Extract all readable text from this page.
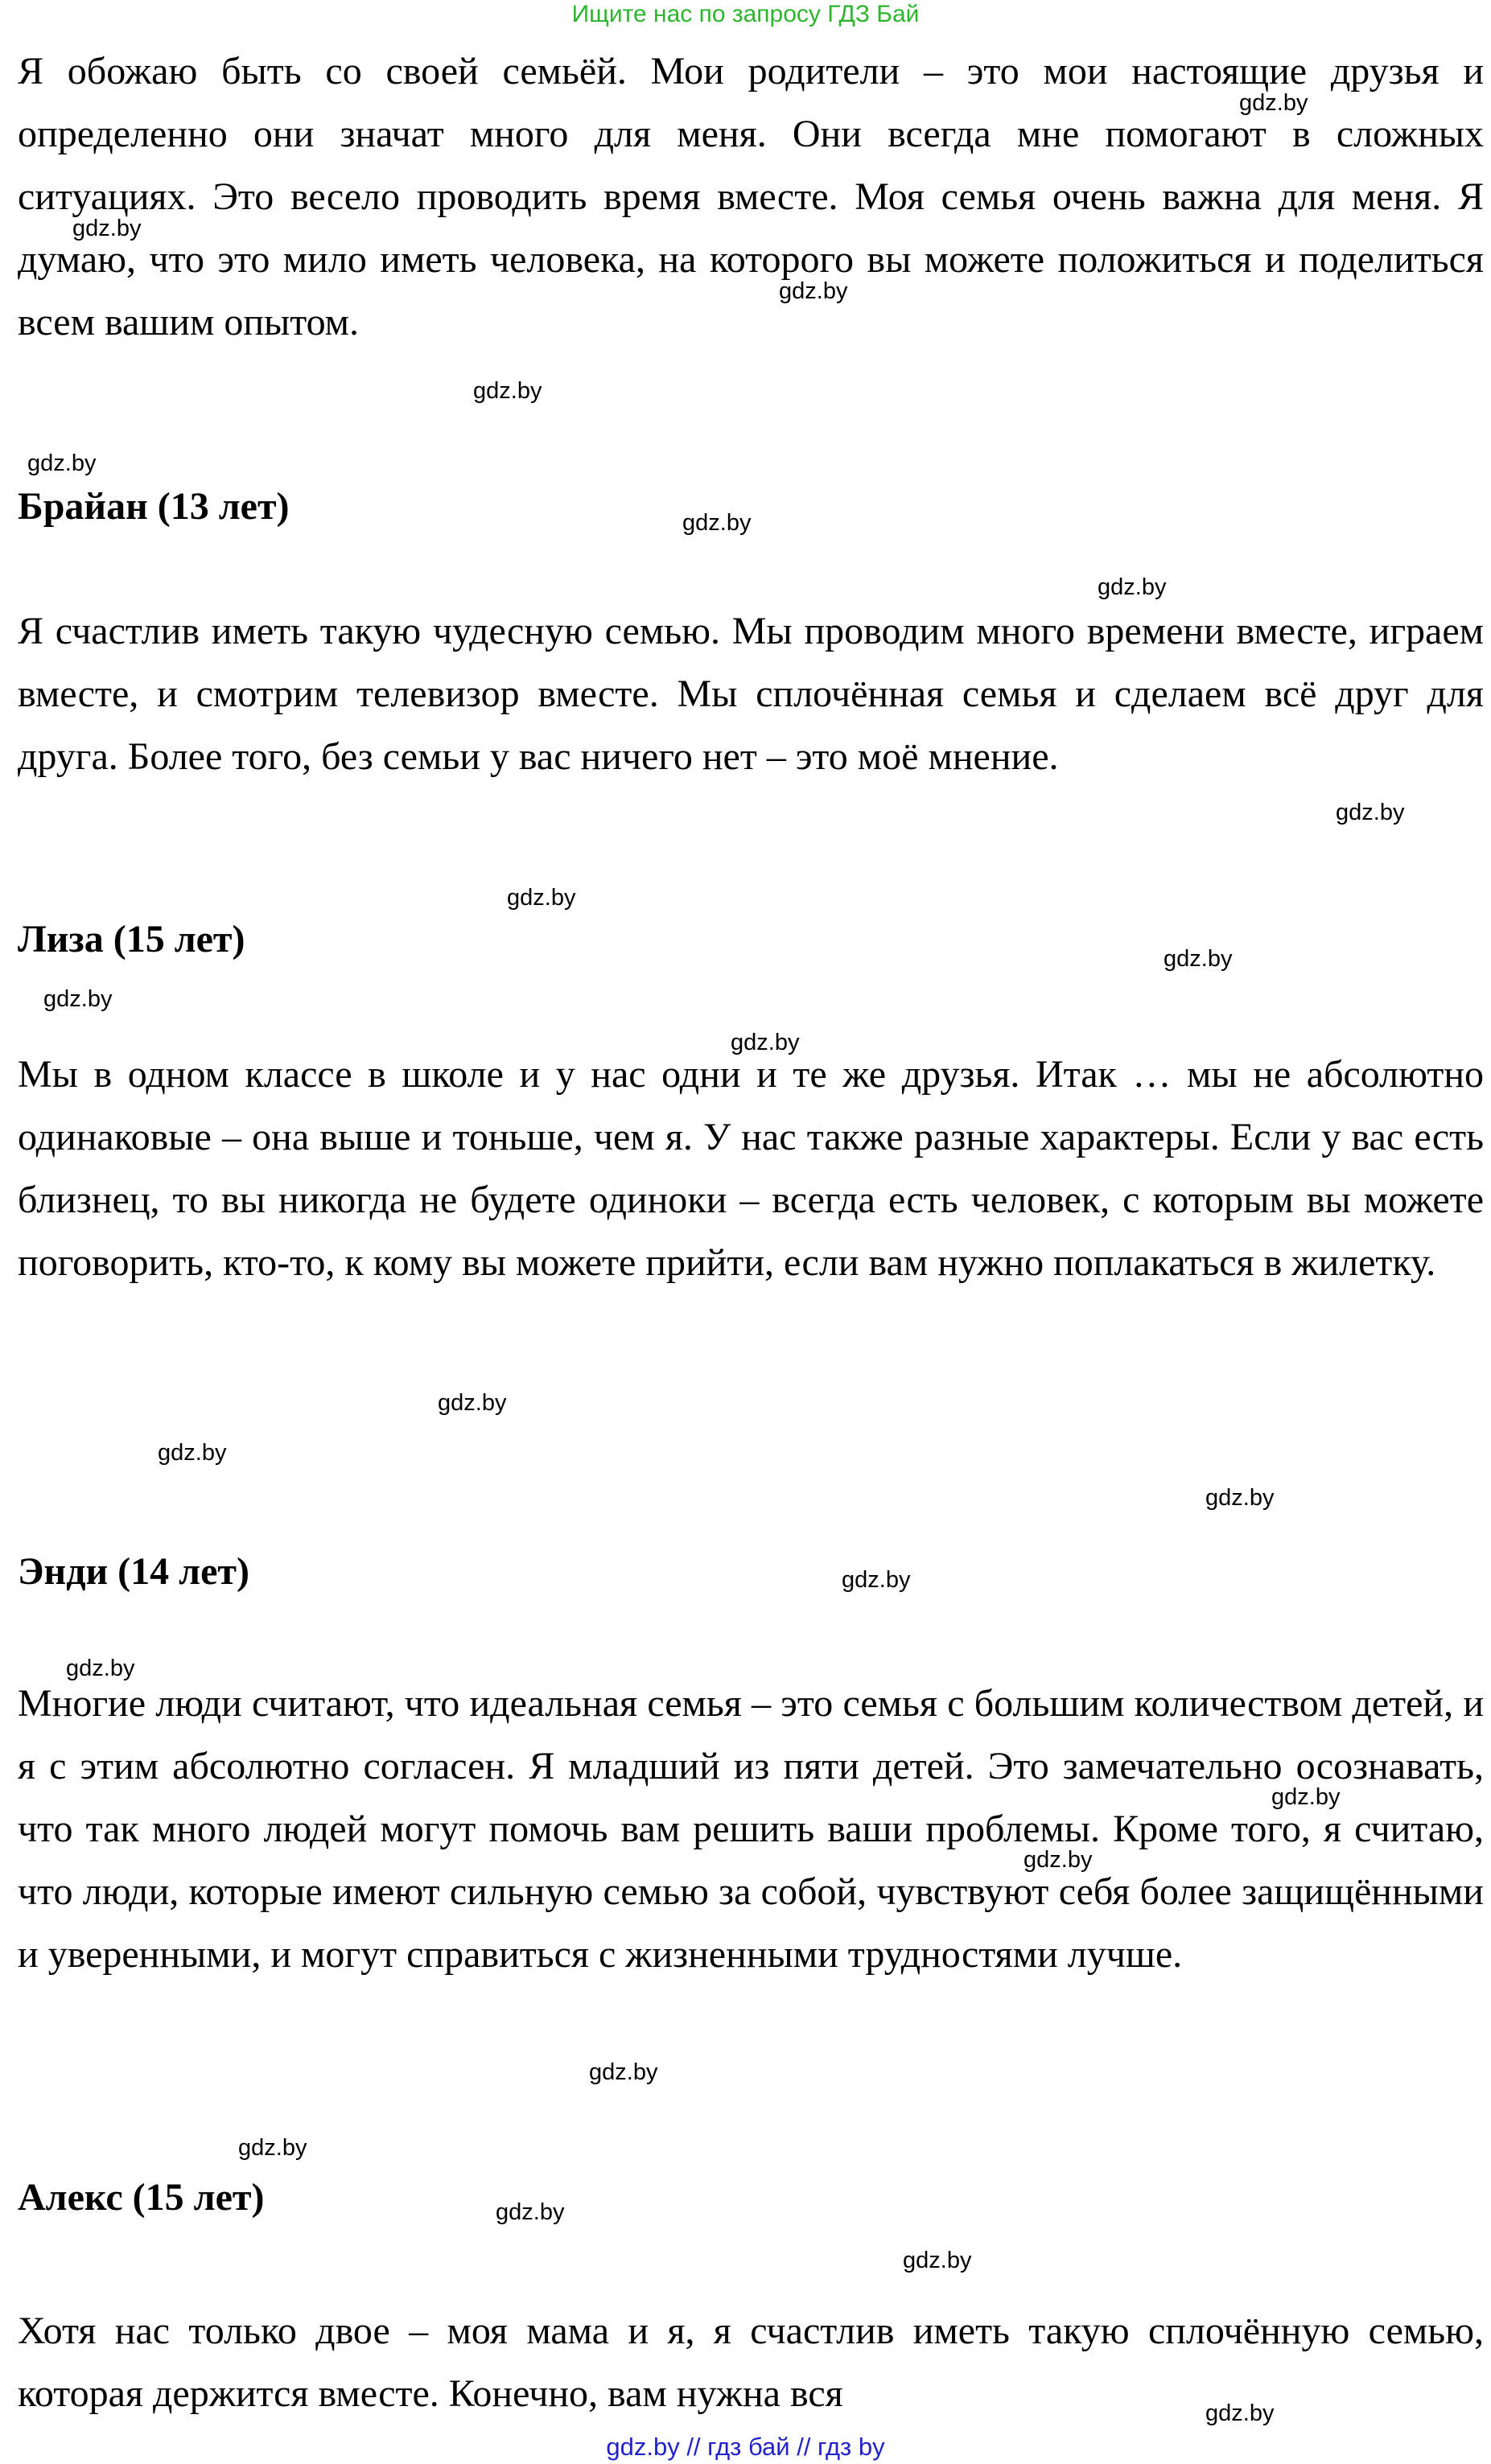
Ищите нас по запросу ГДЗ Бай

Я обожаю быть со своей семьёй. Мои родители – это мои настоящие друзья и определенно они значат много для меня. Они всегда мне помогают в сложных ситуациях. Это весело проводить время вместе. Моя семья очень важна для меня. Я думаю, что это мило иметь человека, на которого вы можете положиться и поделиться всем вашим опытом.

Брайан (13 лет)

Я счастлив иметь такую чудесную семью. Мы проводим много времени вместе, играем вместе, и смотрим телевизор вместе. Мы сплочённая семья и сделаем всё друг для друга. Более того, без семьи у вас ничего нет – это моё мнение.

Лиза (15 лет)

Мы в одном классе в школе и у нас одни и те же друзья. Итак … мы не абсолютно одинаковые – она выше и тоньше, чем я. У нас также разные характеры. Если у вас есть близнец, то вы никогда не будете одиноки – всегда есть человек, с которым вы можете поговорить, кто-то, к кому вы можете прийти, если вам нужно поплакаться в жилетку.

Энди (14 лет)

Многие люди считают, что идеальная семья – это семья с большим количеством детей, и я с этим абсолютно согласен. Я младший из пяти детей. Это замечательно осознавать, что так много людей могут помочь вам решить ваши проблемы. Кроме того, я считаю, что люди, которые имеют сильную семью за собой, чувствуют себя более защищёнными и уверенными, и могут справиться с жизненными трудностями лучше.

Алекс (15 лет)

Хотя нас только двое – моя мама и я, я счастлив иметь такую сплочённую семью, которая держится вместе. Конечно, вам нужна вся

gdz.by
gdz.by
gdz.by
gdz.by
gdz.by
gdz.by
gdz.by
gdz.by
gdz.by
gdz.by
gdz.by
gdz.by
gdz.by
gdz.by
gdz.by
gdz.by
gdz.by
gdz.by
gdz.by
gdz.by
gdz.by
gdz.by
gdz.by
gdz.by
gdz.by // гдз бай // гдз by
